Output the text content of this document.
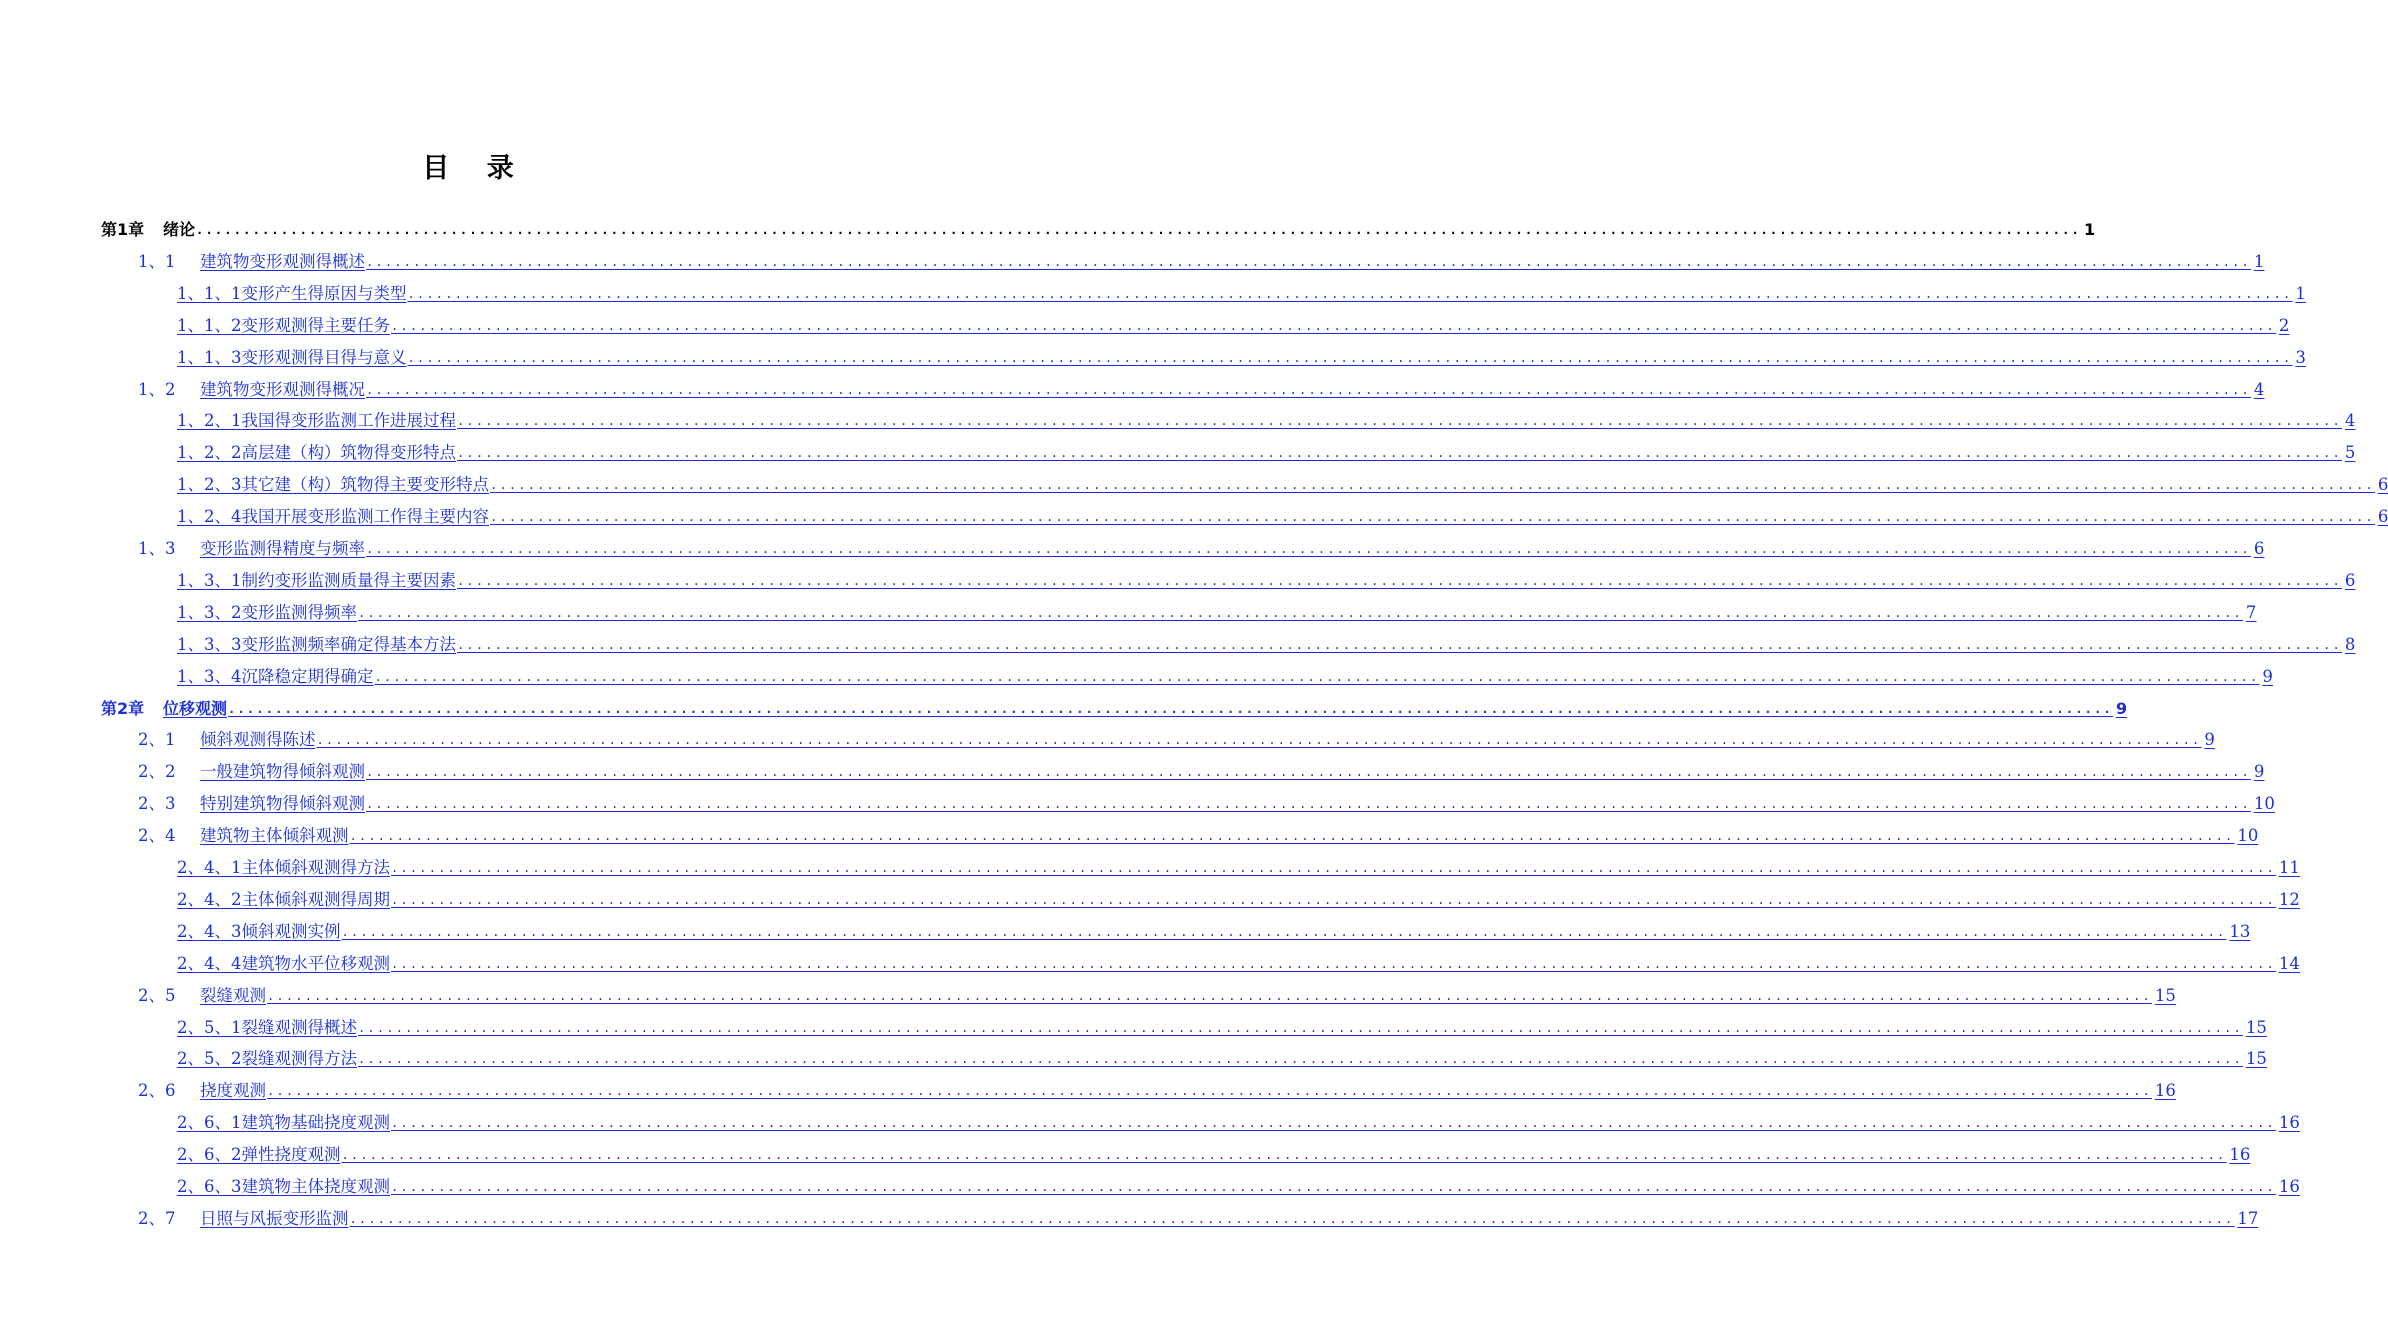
目 录
第1章 绪论 ........................................................................................................................................................................................................ 1
1、1 建筑物变形观测得概述 ........................................................................................................................................................................................................ 1
1、1、1变形产生得原因与类型 ........................................................................................................................................................................................................ 1
1、1、2变形观测得主要任务 ........................................................................................................................................................................................................ 2
1、1、3变形观测得目得与意义 ........................................................................................................................................................................................................ 3
1、2 建筑物变形观测得概况 ........................................................................................................................................................................................................ 4
1、2、1我国得变形监测工作进展过程 ........................................................................................................................................................................................................ 4
1、2、2高层建（构）筑物得变形特点 ........................................................................................................................................................................................................ 5
1、2、3其它建（构）筑物得主要变形特点 ........................................................................................................................................................................................................ 6
1、2、4我国开展变形监测工作得主要内容 ........................................................................................................................................................................................................ 6
1、3 变形监测得精度与频率 ........................................................................................................................................................................................................ 6
1、3、1制约变形监测质量得主要因素 ........................................................................................................................................................................................................ 6
1、3、2变形监测得频率 ........................................................................................................................................................................................................ 7
1、3、3变形监测频率确定得基本方法 ........................................................................................................................................................................................................ 8
1、3、4沉降稳定期得确定 ........................................................................................................................................................................................................ 9
第2章 位移观测 ........................................................................................................................................................................................................ 9
2、1 倾斜观测得陈述 ........................................................................................................................................................................................................ 9
2、2 一般建筑物得倾斜观测 ........................................................................................................................................................................................................ 9
2、3 特别建筑物得倾斜观测 ........................................................................................................................................................................................................ 10
2、4 建筑物主体倾斜观测 ........................................................................................................................................................................................................ 10
2、4、1主体倾斜观测得方法 ........................................................................................................................................................................................................ 11
2、4、2主体倾斜观测得周期 ........................................................................................................................................................................................................ 12
2、4、3倾斜观测实例 ........................................................................................................................................................................................................ 13
2、4、4建筑物水平位移观测 ........................................................................................................................................................................................................ 14
2、5 裂缝观测 ........................................................................................................................................................................................................ 15
2、5、1裂缝观测得概述 ........................................................................................................................................................................................................ 15
2、5、2裂缝观测得方法 ........................................................................................................................................................................................................ 15
2、6 挠度观测 ........................................................................................................................................................................................................ 16
2、6、1建筑物基础挠度观测 ........................................................................................................................................................................................................ 16
2、6、2弹性挠度观测 ........................................................................................................................................................................................................ 16
2、6、3建筑物主体挠度观测 ........................................................................................................................................................................................................ 16
2、7 日照与风振变形监测 ........................................................................................................................................................................................................ 17
